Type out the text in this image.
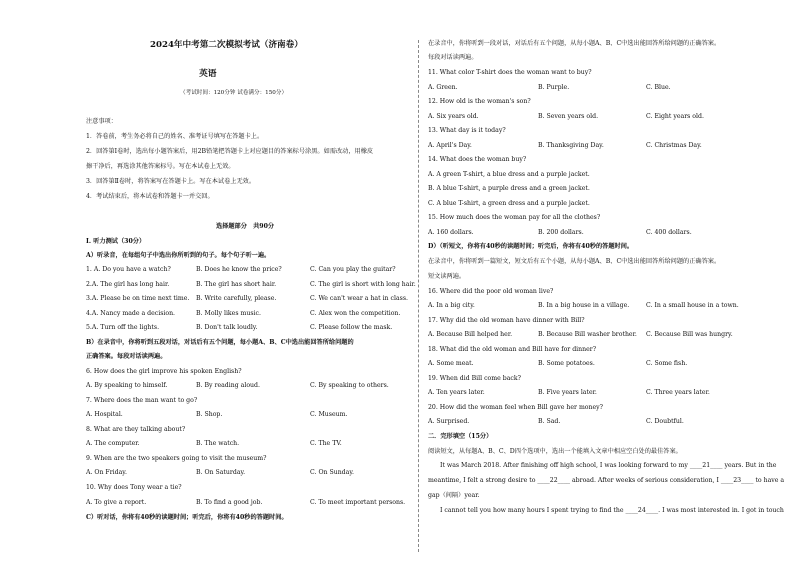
2024年中考第二次模拟考试（济南卷）
英语
（考试时间：120分钟 试卷满分：150分）
注意事项：
1．答卷前，考生务必将自己的姓名、准考证号填写在答题卡上。
2．回答第Ⅰ卷时，选出每小题答案后，用2B铅笔把答题卡上对应题目的答案标号涂黑。如需改动，用橡皮
擦干净后，再选涂其他答案标号。写在本试卷上无效。
3．回答第Ⅱ卷时，将答案写在答题卡上。写在本试卷上无效。
4．考试结束后，将本试卷和答题卡一并交回。
选择题部分　共90分
Ⅰ. 听力测试（30分）
A）听录音，在每组句子中选出你所听到的句子。每个句子听一遍。
1. A. Do you have a watch?	B. Does he know the price?	C. Can you play the guitar?
2.A. The girl has long hair.	B. The girl has short hair.	C. The girl is short with long hair.
3.A. Please be on time next time. B. Write carefully, please.	C. We can't wear a hat in class.
4.A. Nancy made a decision.	B. Molly likes music.	C. Alex won the competition.
5.A. Turn off the lights.	B. Don't talk loudly.	C. Please follow the mask.
B）在录音中，你将听到五段对话，对话后有五个问题，每小题A、B、C中选出能回答所给问题的
正确答案。每段对话读两遍。
6. How does the girl improve his spoken English?
A. By speaking to himself.	B. By reading aloud.	C. By speaking to others.
7. Where does the man want to go?
A. Hospital.	B. Shop.	C. Museum.
8. What are they talking about?
A. The computer.	B. The watch.	C. The TV.
9. When are the two speakers going to visit the museum?
A. On Friday.	B. On Saturday.	C. On Sunday.
10. Why does Tony wear a tie?
A. To give a report.	B. To find a good job.	C. To meet important persons.
C）听对话，你将有40秒的读题时间；听完后，你将有40秒的答题时间。
在录音中，你将听到一段对话，对话后有五个问题，从每小题A、B、C中选出能回答所给问题的正确答案。
每段对话读两遍。
11. What color T-shirt does the woman want to buy?
A. Green.	B. Purple.	C. Blue.
12. How old is the woman's son?
A. Six years old.	B. Seven years old.	C. Eight years old.
13. What day is it today?
A. April's Day.	B. Thanksgiving Day.	C. Christmas Day.
14. What does the woman buy?
A. A green T-shirt, a blue dress and a purple jacket.
B. A blue T-shirt, a purple dress and a green jacket.
C. A blue T-shirt, a green dress and a purple jacket.
15. How much does the woman pay for all the clothes?
A. 160 dollars.	B. 200 dollars.	C. 400 dollars.
D）（听短文，你将有40秒的读题时间；听完后，你将有40秒的答题时间。
在录音中，你将听到一篇短文，短文后有五个小题，从每小题A、B、C中选出能回答所给问题的正确答案。
短文读两遍。
16. Where did the poor old woman live?
A. In a big city.	B. In a big house in a village.	C. In a small house in a town.
17. Why did the old woman have dinner with Bill?
A. Because Bill helped her.	B. Because Bill washer brother. C. Because Bill was hungry.
18. What did the old woman and Bill have for dinner?
A. Some meat.	B. Some potatoes.	C. Some fish.
19. When did Bill come back?
A. Ten years later.	B. Five years later.	C. Three years later.
20. How did the woman feel when Bill gave her money?
A. Surprised.	B. Sad.	C. Doubtful.
二．完形填空（15分）
阅读短文，从每题A、B、C、D四个选项中，选出一个能填入文章中相应空白处的最佳答案。
It was March 2018. After finishing off high school, I was looking forward to my ____21____ years. But in the
meantime, I felt a strong desire to ____22____ abroad. After weeks of serious consideration, I ____23____ to have a
gap（间隔）year.
I cannot tell you how many hours I spent trying to find the ____24____. I was most interested in. I got in touch
